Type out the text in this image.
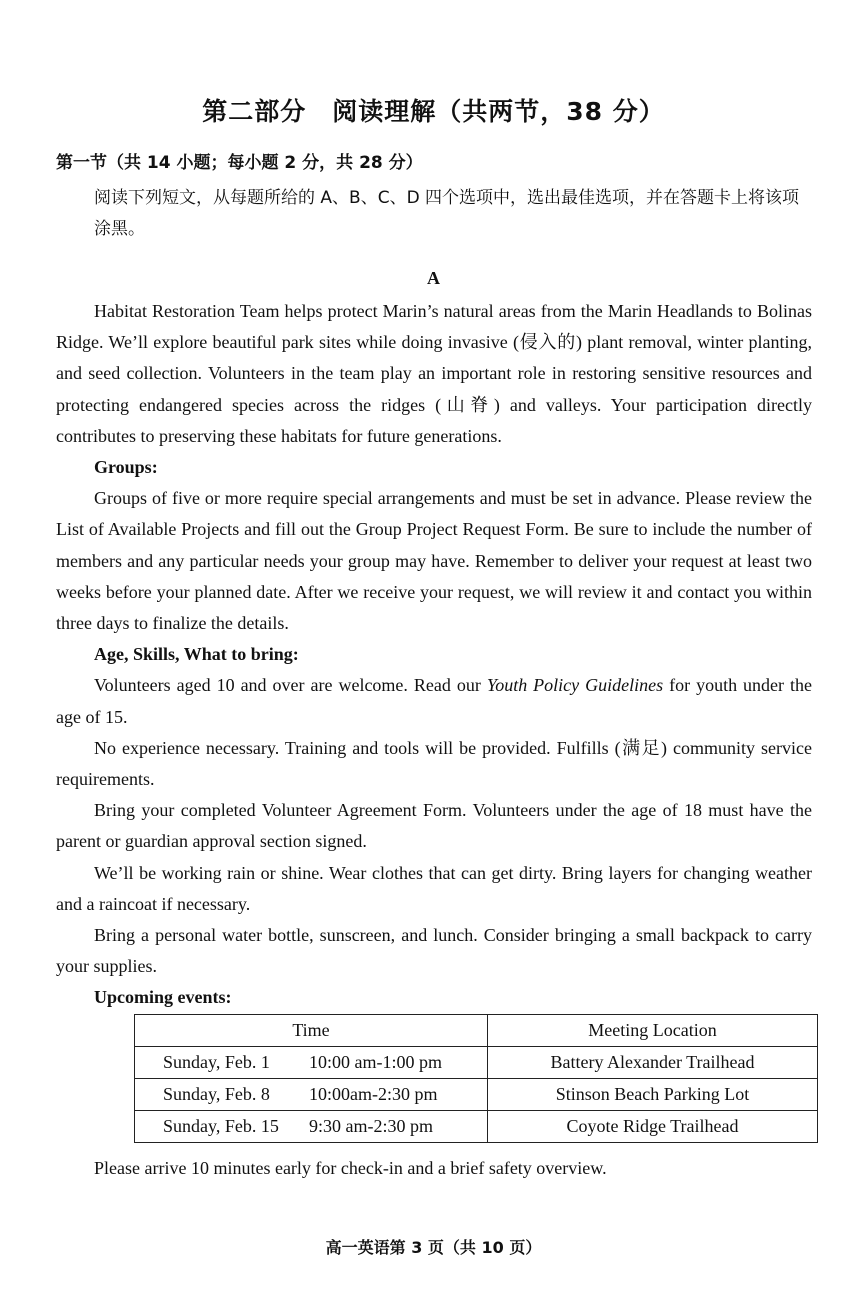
第二部分　阅读理解（共两节，38 分）
第一节（共 14 小题；每小题 2 分，共 28 分）
阅读下列短文，从每题所给的 A、B、C、D 四个选项中，选出最佳选项，并在答题卡上将该项涂黑。
A

Habitat Restoration Team helps protect Marin’s natural areas from the Marin Headlands to Bolinas Ridge. We’ll explore beautiful park sites while doing invasive (侵入的) plant removal, winter planting, and seed collection. Volunteers in the team play an important role in restoring sensitive resources and protecting endangered species across the ridges (山脊) and valleys. Your participation directly contributes to preserving these habitats for future generations.

Groups:

Groups of five or more require special arrangements and must be set in advance. Please review the List of Available Projects and fill out the Group Project Request Form. Be sure to include the number of members and any particular needs your group may have. Remember to deliver your request at least two weeks before your planned date. After we receive your request, we will review it and contact you within three days to finalize the details.

Age, Skills, What to bring:

Volunteers aged 10 and over are welcome. Read our Youth Policy Guidelines for youth under the age of 15.

No experience necessary. Training and tools will be provided. Fulfills (满足) community service requirements.

Bring your completed Volunteer Agreement Form. Volunteers under the age of 18 must have the parent or guardian approval section signed.

We’ll be working rain or shine. Wear clothes that can get dirty. Bring layers for changing weather and a raincoat if necessary.

Bring a personal water bottle, sunscreen, and lunch. Consider bringing a small backpack to carry your supplies.

Upcoming events:

Time	Meeting Location
Sunday, Feb. 1 10:00 am-1:00 pm	Battery Alexander Trailhead
Sunday, Feb. 8 10:00am-2:30 pm	Stinson Beach Parking Lot
Sunday, Feb. 15 9:30 am-2:30 pm	Coyote Ridge Trailhead
Please arrive 10 minutes early for check-in and a brief safety overview.
高一英语第 3 页（共 10 页）
